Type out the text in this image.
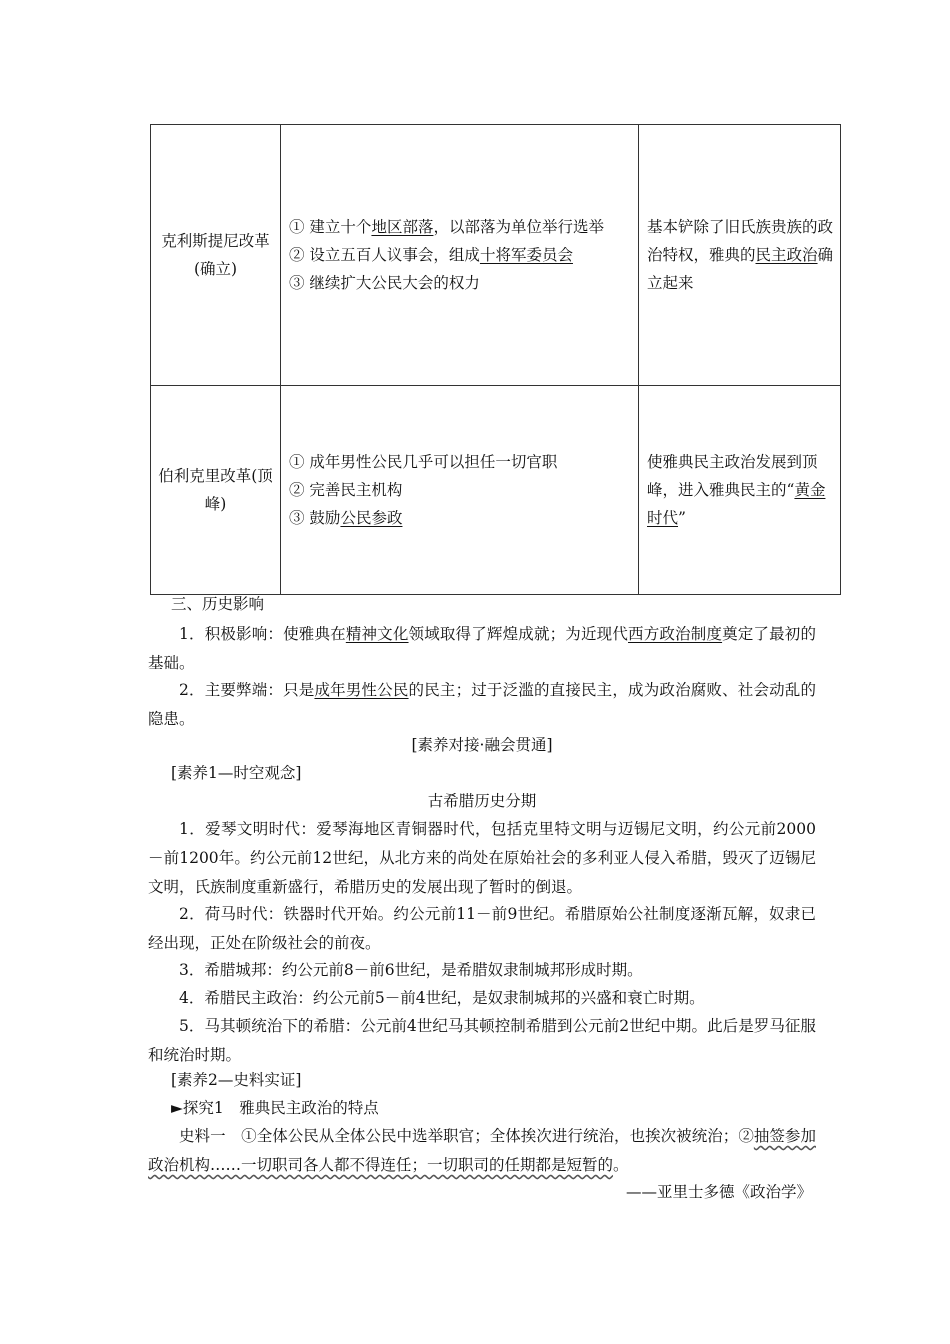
克利斯提尼改革(确立)	① 建立十个地区部落，以部落为单位举行选举
② 设立五百人议事会，组成十将军委员会
③ 继续扩大公民大会的权力	基本铲除了旧氏族贵族的政治特权，雅典的民主政治确立起来
伯利克里改革(顶峰)	① 成年男性公民几乎可以担任一切官职
② 完善民主机构
③ 鼓励公民参政	使雅典民主政治发展到顶峰，进入雅典民主的“黄金时代”
三、历史影响
1．积极影响：使雅典在精神文化领域取得了辉煌成就；为近现代西方政治制度奠定了最初的基础。
2．主要弊端：只是成年男性公民的民主；过于泛滥的直接民主，成为政治腐败、社会动乱的隐患。
[素养对接·融会贯通]
[素养1—时空观念]
古希腊历史分期
1．爱琴文明时代：爱琴海地区青铜器时代，包括克里特文明与迈锡尼文明，约公元前2000－前1200年。约公元前12世纪，从北方来的尚处在原始社会的多利亚人侵入希腊，毁灭了迈锡尼文明，氏族制度重新盛行，希腊历史的发展出现了暂时的倒退。
2．荷马时代：铁器时代开始。约公元前11－前9世纪。希腊原始公社制度逐渐瓦解，奴隶已经出现，正处在阶级社会的前夜。
3．希腊城邦：约公元前8－前6世纪，是希腊奴隶制城邦形成时期。
4．希腊民主政治：约公元前5－前4世纪，是奴隶制城邦的兴盛和衰亡时期。
5．马其顿统治下的希腊：公元前4世纪马其顿控制希腊到公元前2世纪中期。此后是罗马征服和统治时期。
[素养2—史料实证]
►探究1　雅典民主政治的特点
史料一　①全体公民从全体公民中选举职官；全体挨次进行统治，也挨次被统治；②抽签参加政治机构……一切职司各人都不得连任；一切职司的任期都是短暂的。
——亚里士多德《政治学》
